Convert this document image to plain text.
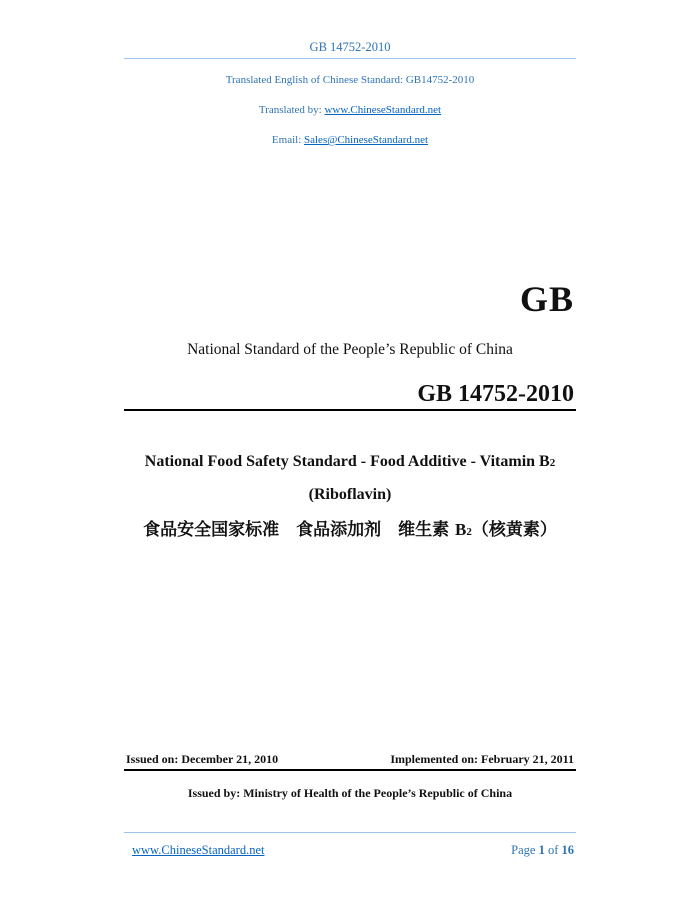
GB 14752-2010
Translated English of Chinese Standard: GB14752-2010
Translated by: www.ChineseStandard.net
Email: Sales@ChineseStandard.net
GB
National Standard of the People’s Republic of China
GB 14752-2010
National Food Safety Standard - Food Additive - Vitamin B2
(Riboflavin)
食品安全国家标准　食品添加剂　维生素 B2（核黄素）
Issued on: December 21, 2010	Implemented on: February 21, 2011
Issued by: Ministry of Health of the People’s Republic of China
www.ChineseStandard.net	Page 1 of 16
